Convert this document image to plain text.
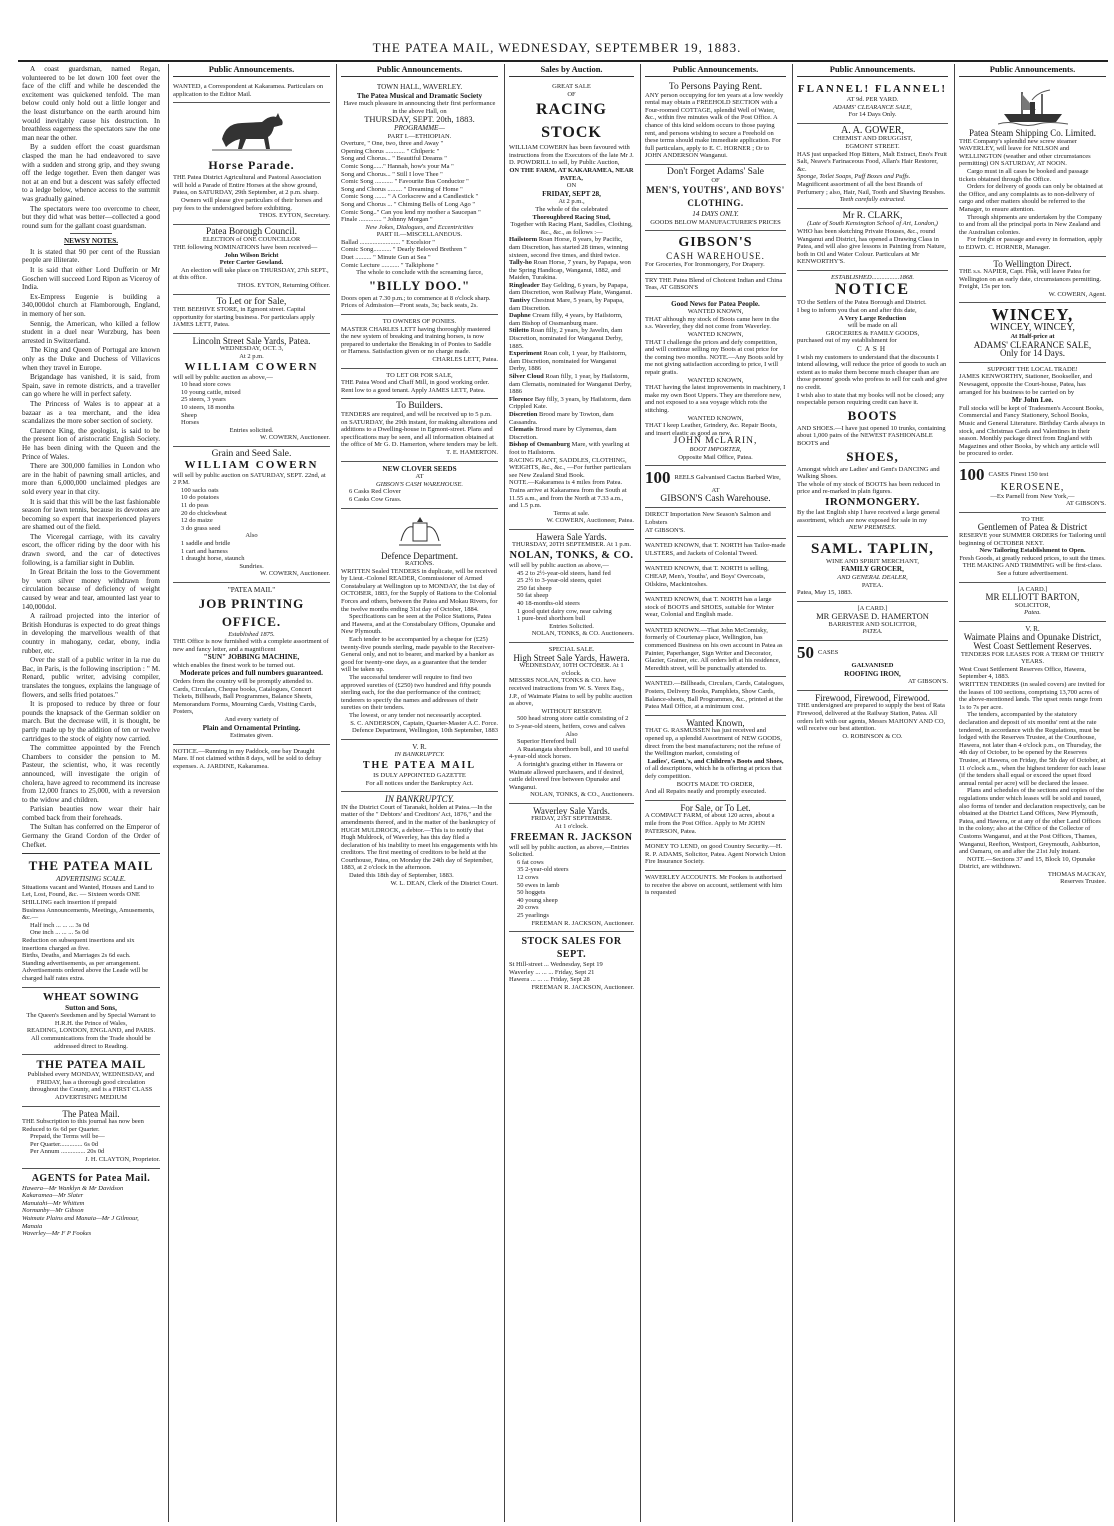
THE PATEA MAIL, WEDNESDAY, SEPTEMBER 19, 1883.

A coast guardsman, named Regan, volunteered to be let down 100 feet over the face of the cliff and while he descended the excitement was quickened tenfold. The man below could only hold out a little longer and the least disturbance on the earth around him would inevitably cause his destruction. In breathless eagerness the spectators saw the one man near the other.

By a sudden effort the coast guardsman clasped the man he had endeavored to save with a sudden and strong grip, and they swung off the ledge together. Even then danger was not at an end but a descent was safely effected to a ledge below, whence access to the summit was gradually gained.

The spectators were too overcome to cheer, but they did what was better—collected a good round sum for the gallant coast guardsman.

NEWSY NOTES.

It is stated that 90 per cent of the Russian people are illiterate.

It is said that either Lord Dufferin or Mr Goschen will succeed Lord Ripon as Viceroy of India.

Ex-Empress Eugenie is building a 340,000dol church at Flamborough, England, in memory of her son.

Sennig, the American, who killed a fellow student in a duel near Wurzburg, has been arrested in Switzerland.

The King and Queen of Portugal are known only as the Duke and Duchess of Villavicos when they travel in Europe.

Brigandage has vanished, it is said, from Spain, save in remote districts, and a traveller can go where he will in perfect safety.

The Princess of Wales is to appear at a bazaar as a tea merchant, and the idea scandalizes the more sober section of society.

Clarence King, the geologist, is said to be the present lion of aristocratic English Society. He has been dining with the Queen and the Prince of Wales.

There are 300,000 families in London who are in the habit of pawning small articles, and more than 6,000,000 unclaimed pledges are sold every year in that city.

It is said that this will be the last fashionable season for lawn tennis, because its devotees are becoming so expert that inexperienced players are shamed out of the field.

The Viceregal carriage, with its cavalry escort, the officer riding by the door with his drawn sword, and the car of detectives following, is a familiar sight in Dublin.

In Great Britain the loss to the Government by worn silver money withdrawn from circulation because of deficiency of weight caused by wear and tear, amounted last year to 140,000dol.

A railroad projected into the interior of British Honduras is expected to do great things in developing the marvellous wealth of that country in mahogany, cedar, ebony, india rubber, etc.

Over the stall of a public writer in la rue du Bac, in Paris, is the following inscription : " M. Renard, public writer, advising compiler, translates the tongues, explains the language of flowers, and sells fried potatoes."

It is proposed to reduce by three or four pounds the knapsack of the German soldier on march. But the decrease will, it is thought, be partly made up by the addition of ten or twelve cartridges to the stock of eighty now carried.

The committee appointed by the French Chambers to consider the pension to M. Pasteur, the scientist, who, it was recently announced, will investigate the origin of cholera, have agreed to recommend its increase from 12,000 francs to 25,000, with a reversion to the widow and children.

Parisian beauties now wear their hair combed back from their foreheads.

The Sultan has conferred on the Emperor of Germany the Grand Cordon of the Order of Chefket.

THE PATEA MAIL
ADVERTISING SCALE.
Situations vacant and Wanted, Houses and Land to Let, Lost, Found, &c. — Sixteen words ONE SHILLING each insertion if prepaid
Business Announcements, Meetings, Amusements, &c.—
Half inch ... ... ... 3s 0d
One inch ... ... ... 5s 0d
Reduction on subsequent insertions and six insertions charged as five.
Births, Deaths, and Marriages 2s 6d each.
Standing advertisements, as per arrangement.
Advertisements ordered above the Leade will be charged half rates extra.
WHEAT SOWING
Sutton and Sons,
The Queen's Seedsmen and by Special Warrant to H.R.H. the Prince of Wales,
READING, LONDON, ENGLAND, and PARIS.
All communications from the Trade should be addressed direct to Reading.
THE PATEA MAIL
Published every MONDAY, WEDNESDAY, and FRIDAY, has a thorough good circulation throughout the County, and is a FIRST CLASS ADVERTISING MEDIUM
The Patea Mail.
THE Subscription to this journal has now been Reduced to 6s 6d per Quarter.
Prepaid, the Terms will be—
Per Quarter.............. 6s 0d
Per Annum ............... 20s 0d
J. H. CLAYTON, Proprietor.
AGENTS for Patea Mail.
Hawera—Mr Wanklyn & Mr Davidson
Kakaramea—Mr Slater
Manutahi—Mr Whittem
Normanby—Mr Gibson
Waimate Plains and Manaia—Mr J Gilmour, Manaia
Waverley—Mr F P Fookes
Public Announcements.
WANTED, a Correspondent at Kakaramea. Particulars on application to the Editor Mail.
Horse Parade.
THE Patea District Agricultural and Pastoral Association will hold a Parade of Entire Horses at the show ground, Patea, on SATURDAY, 29th September, at 2 p.m. sharp.
Owners will please give particulars of their horses and pay fees to the undersigned before exhibiting.
THOS. EYTON, Secretary.
Patea Borough Council.
ELECTION of ONE COUNCILLOR
THE following NOMINATIONS have been received—
John Wilson Bricht
Peter Carter Gowland.
An election will take place on THURSDAY, 27th SEPT., at this office.
THOS. EYTON, Returning Officer.
To Let or for Sale,
THE BEEHIVE STORE, in Egmont street. Capital opportunity for starting business. For particulars apply JAMES LETT, Patea.
Lincoln Street Sale Yards, Patea.
WEDNESDAY, OCT. 3,
At 2 p.m.
WILLIAM COWERN
will sell by public auction as above,—
10 head store cows
10 young cattle, mixed
25 steers, 3 years
10 steers, 18 months
Sheep
Horses
Entries solicited.
W. COWERN, Auctioneer.
Grain and Seed Sale.
WILLIAM COWERN
will sell by public auction on SATURDAY, SEPT. 22nd, at 2 P.M.
100 sacks oats
10 do potatoes
11 do peas
20 do chickwheat
12 do maize
3 do grass seed
Also
1 saddle and bridle
1 cart and harness
1 draught horse, staunch
Sundries.
W. COWERN, Auctioneer.
"PATEA MAIL"
JOB PRINTING OFFICE.
Established 1875.
THE Office is now furnished with a complete assortment of new and fancy letter, and a magnificent
"SUN" JOBBING MACHINE,
which enables the finest work to be turned out.
Moderate prices and full numbers guaranteed.
Orders from the country will be promptly attended to.
Cards, Circulars, Cheque books, Catalogues, Concert Tickets, Billheads, Ball Programmes, Balance Sheets, Memorandum Forms, Mourning Cards, Visiting Cards, Posters,
And every variety of
Plain and Ornamental Printing.
Estimates given.
NOTICE.—Running in my Paddock, one bay Draught Mare. If not claimed within 8 days, will be sold to defray expenses. A. JARDINE, Kakaramea.
Public Announcements.
TOWN HALL, WAVERLEY.
The Patea Musical and Dramatic Society
Have much pleasure in announcing their first performance in the above Hall, on
THURSDAY, SEPT. 20th, 1883.
PROGRAMME—
PART I.—ETHIOPIAN.
Overture, " One, two, three and Away "
Opening Chorus ............ " Chilperic "
Song and Chorus... " Beautiful Dreams "
Comic Song......" Hannah, how's your Ma "
Song and Chorus... " Still I love Thee "
Comic Song ........... " Favourite Bus Conductor "
Song and Chorus ......... " Dreaming of Home "
Comic Song ....... " A Corkscrew and a Candlestick "
Song and Chorus ... " Chiming Bells of Long Ago "
Comic Song.." Can you lend my mother a Saucepan "
Finale .............. " Johnny Morgan "
New Jokes, Dialogues, and Eccentricities
PART II.—MISCELLANEOUS.
Ballad ......................... " Excelsior "
Comic Song........... " Dearly Beloved Brethren "
Duet .......... " Minute Gun at Sea "
Comic Lecture ........... " Talkiphone "
The whole to conclude with the screaming farce,
"BILLY DOO."
Doors open at 7.30 p.m.; to commence at 8 o'clock sharp.
Prices of Admission—Front seats, 3s; back seats, 2s.
TO OWNERS OF PONIES.
MASTER CHARLES LETT having thoroughly mastered the new system of breaking and training horses, is now prepared to undertake the Breaking in of Ponies to Saddle or Harness. Satisfaction given or no charge made.
CHARLES LETT, Patea.
TO LET OR FOR SALE,
THE Patea Wood and Chaff Mill, in good working order. Rent low to a good tenant. Apply JAMES LETT, Patea.
To Builders.
TENDERS are required, and will be received up to 5 p.m. on SATURDAY, the 29th instant, for making alterations and additions to a Dwelling-house in Egmont-street. Plans and specifications may be seen, and all information obtained at the office of Mr G. D. Hamerton, where tenders may be left.
T. E. HAMERTON.
NEW CLOVER SEEDS
AT
GIBSON'S CASH WAREHOUSE.
6 Casks Red Clover
6 Casks Cow Grass.
Defence Department.
RATIONS.
WRITTEN Sealed TENDERS in duplicate, will be received by Lieut.-Colonel READER, Commissioner of Armed Constabulary at Wellington up to MONDAY, the 1st day of OCTOBER, 1883, for the Supply of Rations to the Colonial Forces and others, between the Patea and Mokau Rivers, for the twelve months ending 31st day of October, 1884.
Specifications can be seen at the Police Stations, Patea and Hawera, and at the Constabulary Offices, Opunake and New Plymouth.
Each tender to be accompanied by a cheque for (£25) twenty-five pounds sterling, made payable to the Receiver-General only, and not to bearer, and marked by a banker as good for twenty-one days, as a guarantee that the tender will be taken up.
The successful tenderer will require to find two approved sureties of (£250) two hundred and fifty pounds sterling each, for the due performance of the contract; tenderers to specify the names and addresses of their sureties on their tenders.
The lowest, or any tender not necessarily accepted.
S. C. ANDERSON, Captain, Quarter-Master A.C. Force. Defence Department, Wellington, 10th September, 1883
V. R.
IN BANKRUPTCY.
THE PATEA MAIL
IS DULY APPOINTED GAZETTE
For all notices under the Bankruptcy Act.
IN BANKRUPTCY.
IN the District Court of Taranaki, holden at Patea.—In the matter of the " Debtors' and Creditors' Act, 1876," and the amendments thereof, and in the matter of the bankruptcy of HUGH MULDROCK, a debtor.—This is to notify that Hugh Muldrock, of Waverley, has this day filed a declaration of his inability to meet his engagements with his creditors. The first meeting of creditors to be held at the Courthouse, Patea, on Monday the 24th day of September, 1883, at 2 o'clock in the afternoon.
Dated this 18th day of September, 1883.
W. L. DEAN, Clerk of the District Court.
Sales by Auction.
GREAT SALE
OF
RACING STOCK
WILLIAM COWERN has been favoured with instructions from the Executors of the late Mr J. D. POWDRILL to sell, by Public Auction,
ON THE FARM, AT KAKARAMEA, NEAR PATEA,
ON
FRIDAY, SEPT 28,
At 2 p.m.,
The whole of the celebrated
Thoroughbred Racing Stud,
Together with Racing Plant, Saddles, Clothing, &c., &c., as follows :—
Hailstorm Roan Horse, 8 years, by Pacific, dam Discretion, has started 28 times, winning sixteen, second five times, and third twice.
Tally-ho Roan Horse, 7 years, by Papapa, won the Spring Handicap, Wanganui, 1882, and Maiden, Turakina.
Ringleader Bay Gelding, 6 years, by Papapa, dam Discretion, won Railway Plate, Wanganui.
Tantivy Chestnut Mare, 5 years, by Papapa, dam Discretion.
Daphne Cream filly, 4 years, by Hailstorm, dam Bishop of Ossmanburg mare.
Stiletto Roan filly, 2 years, by Javelin, dam Discretion, nominated for Wanganui Derby, 1885.
Experiment Roan colt, 1 year, by Hailstorm, dam Discretion, nominated for Wanganui Derby, 1886
Silver Cloud Roan filly, 1 year, by Hailstorm, dam Clematis, nominated for Wanganui Derby, 1886
Florence Bay filly, 3 years, by Hailstorm, dam Crippled Kate.
Discretion Brood mare by Towton, dam Cassandra.
Clematis Brood mare by Clymenus, dam Discretion.
Bishop of Osmanburg Mare, with yearling at foot to Hailstorm.
RACING PLANT, SADDLES, CLOTHING, WEIGHTS, &c., &c., —For further particulars see New Zealand Stud Book.
NOTE.—Kakaramea is 4 miles from Patea. Trains arrive at Kakaramea from the South at 11.55 a.m., and from the North at 7.33 a.m., and 1.5 p.m.
Terms at sale.
W. COWERN, Auctioneer, Patea.
Hawera Sale Yards.
THURSDAY, 20TH SEPTEMBER. At 1 p.m.
NOLAN, TONKS, & CO.
will sell by public auction as above,—
45 2 to 2½-year-old steers, hand fed
25 2½ to 3-year-old steers, quiet
250 fat sheep
50 fat sheep
40 18-months-old steers
1 good quiet dairy cow, near calving
1 pure-bred shorthorn bull
Entries Solicited.
NOLAN, TONKS, & CO. Auctioneers.
SPECIAL SALE.
High Street Sale Yards, Hawera.
WEDNESDAY, 10TH OCTOBER. At 1 o'clock.
MESSRS NOLAN, TONKS & CO. have received instructions from W. S. Yerex Esq., J.P., of Waimate Plains to sell by public auction as above,
WITHOUT RESERVE
500 head strong store cattle consisting of 2 to 3-year-old steers, heifers, cows and calves
Also
Superior Hereford bull
A Ruatangata shorthorn bull, and 10 useful 4-year-old stock horses.
A fortnight's grazing either in Hawera or Waimate allowed purchasers, and if desired, cattle delivered free between Opunake and Wanganui.
NOLAN, TONKS, & CO., Auctioneers.
Waverley Sale Yards.
FRIDAY, 21ST SEPTEMBER.
At 1 o'clock.
FREEMAN R. JACKSON
will sell by public auction, as above,—Entries Solicited.
6 fat cows
35 2-year-old steers
12 cows
50 ewes in lamb
50 hoggets
40 young sheep
20 cows
25 yearlings
FREEMAN R. JACKSON, Auctioneer.
STOCK SALES FOR SEPT.
St Hill-street ... Wednesday, Sept 19
Waverley ... ... ... Friday, Sept 21
Hawera ... ... ... Friday, Sept 28
FREEMAN R. JACKSON, Auctioneer.
Public Announcements.
To Persons Paying Rent.
ANY person occupying for ten years at a low weekly rental may obtain a FREEHOLD SECTION with a Four-roomed COTTAGE, splendid Well of Water, &c., within five minutes walk of the Post Office. A chance of this kind seldom occurs to those paying rent, and persons wishing to secure a Freehold on these terms should make immediate application. For full particulars, apply to E. C. HORNER ; Or to JOHN ANDERSON Wanganui.
Don't Forget Adams' Sale
OF
MEN'S, YOUTHS', AND BOYS' CLOTHING.
14 DAYS ONLY.
GOODS BELOW MANUFACTURER'S PRICES
GIBSON'S
CASH WAREHOUSE.
For Groceries, For Ironmongery, For Drapery.
TRY THE Patea Blend of Choicest Indian and China Teas, AT GIBSON'S
Good News for Patea People.
WANTED KNOWN,
THAT although my stock of Boots came here in the s.s. Waverley, they did not come from Waverley.
WANTED KNOWN,
THAT I challenge the prices and defy competition, and will continue selling my Boots at cost price for the coming two months. NOTE.—Any Boots sold by me not giving satisfaction according to price, I will repair gratis.
WANTED KNOWN,
THAT having the latest improvements in machinery, I make my own Boot Uppers. They are therefore new, and not exposed to a sea voyage which rots the stitching.
WANTED KNOWN,
THAT I keep Leather, Grindery, &c. Repair Boots, and insert elastic as good as new.
JOHN McLARIN,
BOOT IMPORTER,
Opposite Mail Office, Patea.
100 REELS Galvanised Cactus Barbed Wire,
AT
GIBSON'S Cash Warehouse.
DIRECT Importation New Season's Salmon and Lobsters
AT GIBSON'S.
WANTED KNOWN, that T. NORTH has Tailor-made ULSTERS, and Jackets of Colonial Tweed.
WANTED KNOWN, that T. NORTH is selling, CHEAP, Men's, Youths', and Boys' Overcoats, Oilskins, Mackintoshes.
WANTED KNOWN, that T. NORTH has a large stock of BOOTS and SHOES, suitable for Winter wear, Colonial and English made.
WANTED KNOWN.—That John McComisky, formerly of Courtenay place, Wellington, has commenced Business on his own account in Patea as Painter, Paperhanger, Sign Writer and Decorator, Glazier, Grainer, etc. All orders left at his residence, Meredith street, will be punctually attended to.
WANTED.—Billheads, Circulars, Cards, Catalogues, Posters, Delivery Books, Pamphlets, Show Cards, Balance-sheets, Ball Programmes, &c., printed at the Patea Mail Office, at a minimum cost.
Wanted Known,
THAT G. RASMUSSEN has just received and opened up, a splendid Assortment of NEW GOODS, direct from the best manufacturers; not the refuse of the Wellington market, consisting of
Ladies', Gent.'s, and Children's Boots and Shoes,
of all descriptions, which he is offering at prices that defy competition.
BOOTS MADE TO ORDER,
And all Repairs neatly and promptly executed.
For Sale, or To Let.
A COMPACT FARM, of about 120 acres, about a mile from the Post Office. Apply to Mr JOHN PATERSON, Patea.
MONEY TO LEND, on good Country Security.—H. R. P. ADAMS, Solicitor, Patea. Agent Norwich Union Fire Insurance Society.
WAVERLEY ACCOUNTS. Mr Fookes is authorised to receive the above on account, settlement with him is requested
Public Announcements.
FLANNEL! FLANNEL!
AT 9d. PER YARD.
ADAMS' CLEARANCE SALE,
For 14 Days Only.
A. A. GOWER,
CHEMIST AND DRUGGIST,
EGMONT STREET.
HAS just unpacked Hop Bitters, Malt Extract, Eno's Fruit Salt, Neave's Farinaceous Food, Allan's Hair Restorer, &c.
Sponge, Toilet Soaps, Puff Boxes and Puffs.
Magnificent assortment of all the best Brands of Perfumery ; also, Hair, Nail, Tooth and Shaving Brushes.
Teeth carefully extracted.
Mr R. CLARK,
(Late of South Kensington School of Art, London,)
WHO has been sketching Private Houses, &c., round Wanganui and District, has opened a Drawing Class in Patea, and will also give lessons in Painting from Nature, both in Oil and Water Colour. Particulars at Mr KENWORTHY'S.
ESTABLISHED.................1868.
NOTICE
TO the Settlers of the Patea Borough and District.
I beg to inform you that on and after this date,
A Very Large Reduction
will be made on all
GROCERIES & FAMILY GOODS,
purchased out of my establishment for
CASH
I wish my customers to understand that the discounts I intend allowing, will reduce the price of goods to such an extent as to make them become much cheaper than are those persons' goods who profess to sell for cash and give no credit.
I wish also to state that my books will not be closed; any respectable person requiring credit can have it.
BOOTS
AND SHOES.—I have just opened 10 trunks, containing about 1,000 pairs of the NEWEST FASHIONABLE BOOTS and
SHOES,
Amongst which are Ladies' and Gent's DANCING and Walking Shoes.
The whole of my stock of BOOTS has been reduced in price and re-marked in plain figures.
IRONMONGERY.
By the last English ship I have received a large general assortment, which are now exposed for sale in my
NEW PREMISES.
SAML. TAPLIN,
WINE AND SPIRIT MERCHANT,
FAMILY GROCER,
AND GENERAL DEALER,
PATEA.
Patea, May 15, 1883.
[A CARD.]
MR GERVASE D. HAMERTON
BARRISTER AND SOLICITOR,
PATEA.
50 CASES
GALVANISED
ROOFING IRON,
AT GIBSON'S.
Firewood, Firewood, Firewood.
THE undersigned are prepared to supply the best of Rata Firewood, delivered at the Railway Station, Patea. All orders left with our agents, Messrs MAHONY AND CO, will receive our best attention.
O. ROBINSON & CO.
Public Announcements.
Patea Steam Shipping Co. Limited.
THE Company's splendid new screw steamer WAVERLEY, will leave for NELSON and WELLINGTON (weather and other circumstances permitting) ON SATURDAY, AT NOON.
Cargo must in all cases be booked and passage tickets obtained through the Office.
Orders for delivery of goods can only be obtained at the Office, and any complaints as to non-delivery of cargo and other matters should be referred to the Manager, to ensure attention.
Through shipments are undertaken by the Company to and from all the principal ports in New Zealand and the Australian colonies.
For freight or passage and every in formation, apply to EDWD. C. HORNER, Manager.
To Wellington Direct.
THE s.s. NAPIER, Capt. Fisk, will leave Patea for Wellington on an early date, circumstances permitting. Freight, 15s per ton.
W. COWERN, Agent.
WINCEY,
WINCEY, WINCEY,
At Half-price at
ADAMS' CLEARANCE SALE,
Only for 14 Days.
SUPPORT THE LOCAL TRADE!
JAMES KENWORTHY, Stationer, Bookseller, and Newsagent, opposite the Court-house, Patea, has arranged for his business to be carried on by
Mr John Lee.
Full stocks will be kept of Tradesmen's Account Books, Commercial and Fancy Stationery, School Books, Music and General Literature. Birthday Cards always in stock, and Christmas Cards and Valentines in their season. Monthly package direct from England with Magazines and other Books, by which any article will be procured to order.
100 CASES Finest 150 test
KEROSENE,
—Ex Parnell from New York,—
AT GIBSON'S.
TO THE
Gentlemen of Patea & District
RESERVE your SUMMER ORDERS for Tailoring until beginning of OCTOBER NEXT.
New Tailoring Establishment to Open.
Fresh Goods, at greatly reduced prices, to suit the times.
THE MAKING AND TRIMMING will be first-class.
See a future advertisement.
[A CARD.]
MR ELLIOTT BARTON,
SOLICITOR,
Patea.
V. R.
Waimate Plains and Opunake District, West Coast Settlement Reserves.
TENDERS FOR LEASES FOR A TERM OF THIRTY YEARS.
West Coast Settlement Reserves Office, Hawera, September 4, 1883.
WRITTEN TENDERS (in sealed covers) are invited for the leases of 100 sections, comprising 13,700 acres of the above-mentioned lands. The upset rents range from 1s to 7s per acre.
The tenders, accompanied by the statutory declaration and deposit of six months' rent at the rate tendered, in accordance with the Regulations, must be lodged with the Reserves Trustee, at the Courthouse, Hawera, not later than 4 o'clock p.m., on Thursday, the 4th day of October, to be opened by the Reserves Trustee, at Hawera, on Friday, the 5th day of October, at 11 o'clock a.m., when the highest tenderer for each lease (if the tenders shall equal or exceed the upset fixed annual rental per acre) will be declared the lessee.
Plans and schedules of the sections and copies of the regulations under which leases will be sold and issued, also forms of tender and declaration respectively, can be obtained at the District Land Offices, New Plymouth, Patea, and Hawera, or at any of the other Land Offices in the colony; also at the Office of the Collector of Customs Wanganui, and at the Post Offices, Thames, Wanganui, Reefton, Westport, Greymouth, Ashburton, and Oamaru, on and after the 21st July instant.
NOTE.—Sections 37 and 15, Block 10, Opunake District, are withdrawn.
THOMAS MACKAY,
Reserves Trustee.
